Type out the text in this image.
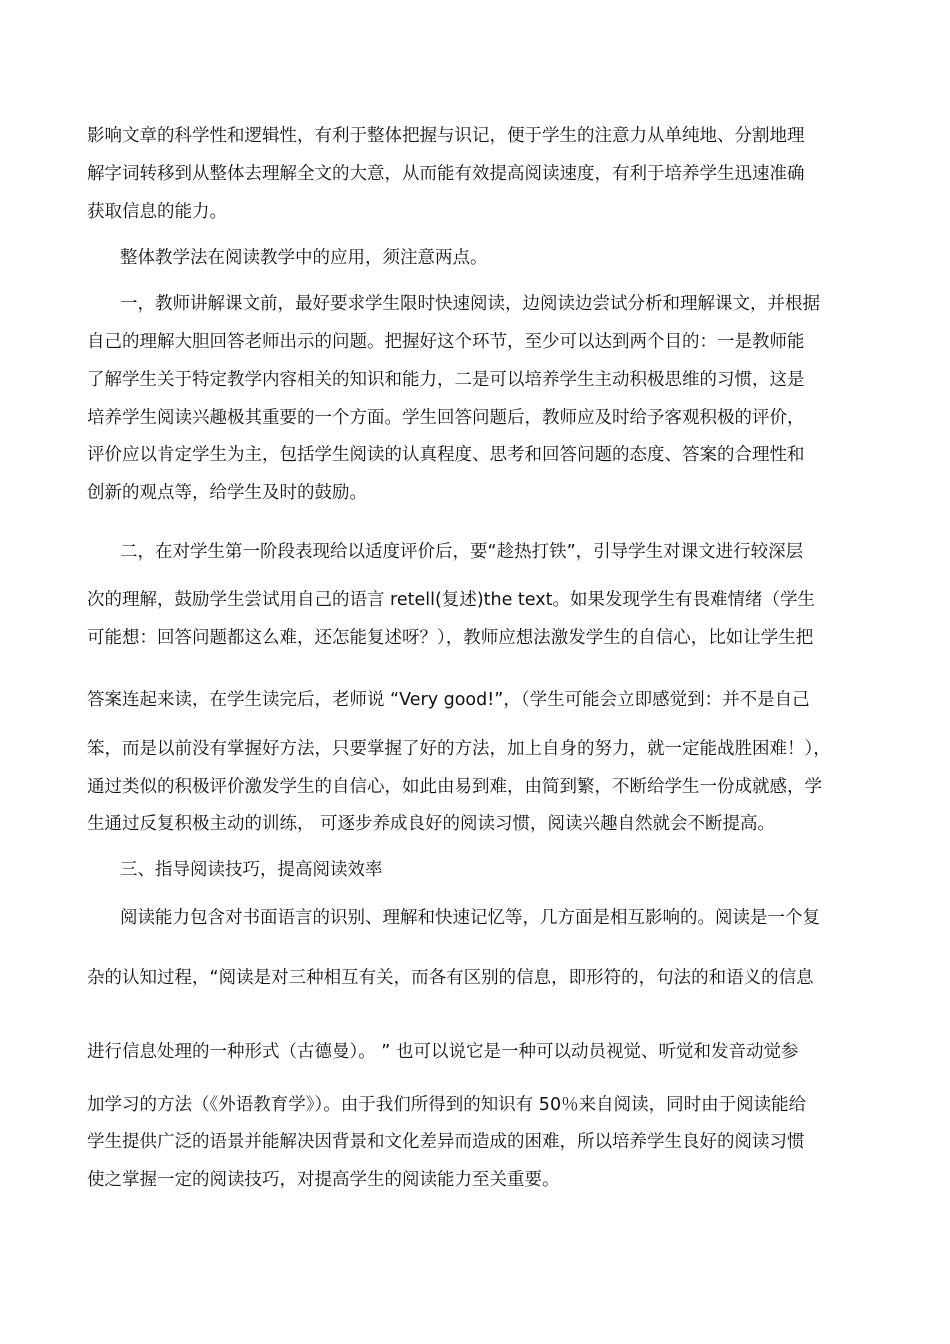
影响文章的科学性和逻辑性，有利于整体把握与识记，便于学生的注意力从单纯地、分割地理
解字词转移到从整体去理解全文的大意，从而能有效提高阅读速度，有利于培养学生迅速准确
获取信息的能力。
整体教学法在阅读教学中的应用，须注意两点。
一，教师讲解课文前，最好要求学生限时快速阅读，边阅读边尝试分析和理解课文，并根据
自己的理解大胆回答老师出示的问题。把握好这个环节，至少可以达到两个目的：一是教师能
了解学生关于特定教学内容相关的知识和能力，二是可以培养学生主动积极思维的习惯，这是
培养学生阅读兴趣极其重要的一个方面。学生回答问题后，教师应及时给予客观积极的评价，
评价应以肯定学生为主，包括学生阅读的认真程度、思考和回答问题的态度、答案的合理性和
创新的观点等，给学生及时的鼓励。
二，在对学生第一阶段表现给以适度评价后，要“趁热打铁”，引导学生对课文进行较深层
次的理解，鼓励学生尝试用自己的语言 retell(复述)the text。如果发现学生有畏难情绪（学生
可能想：回答问题都这么难，还怎能复述呀？），教师应想法激发学生的自信心，比如让学生把
答案连起来读，在学生读完后，老师说 “Very good!”，（学生可能会立即感觉到：并不是自己
笨，而是以前没有掌握好方法，只要掌握了好的方法，加上自身的努力，就一定能战胜困难！），
通过类似的积极评价激发学生的自信心，如此由易到难，由简到繁，不断给学生一份成就感，学
生通过反复积极主动的训练， 可逐步养成良好的阅读习惯，阅读兴趣自然就会不断提高。
三、指导阅读技巧，提高阅读效率
阅读能力包含对书面语言的识别、理解和快速记忆等，几方面是相互影响的。阅读是一个复
杂的认知过程，“阅读是对三种相互有关，而各有区别的信息，即形符的，句法的和语义的信息
进行信息处理的一种形式（古德曼）。 ” 也可以说它是一种可以动员视觉、听觉和发音动觉参
加学习的方法（《外语教育学》）。由于我们所得到的知识有 50％来自阅读，同时由于阅读能给
学生提供广泛的语景并能解决因背景和文化差异而造成的困难，所以培养学生良好的阅读习惯
使之掌握一定的阅读技巧，对提高学生的阅读能力至关重要。
